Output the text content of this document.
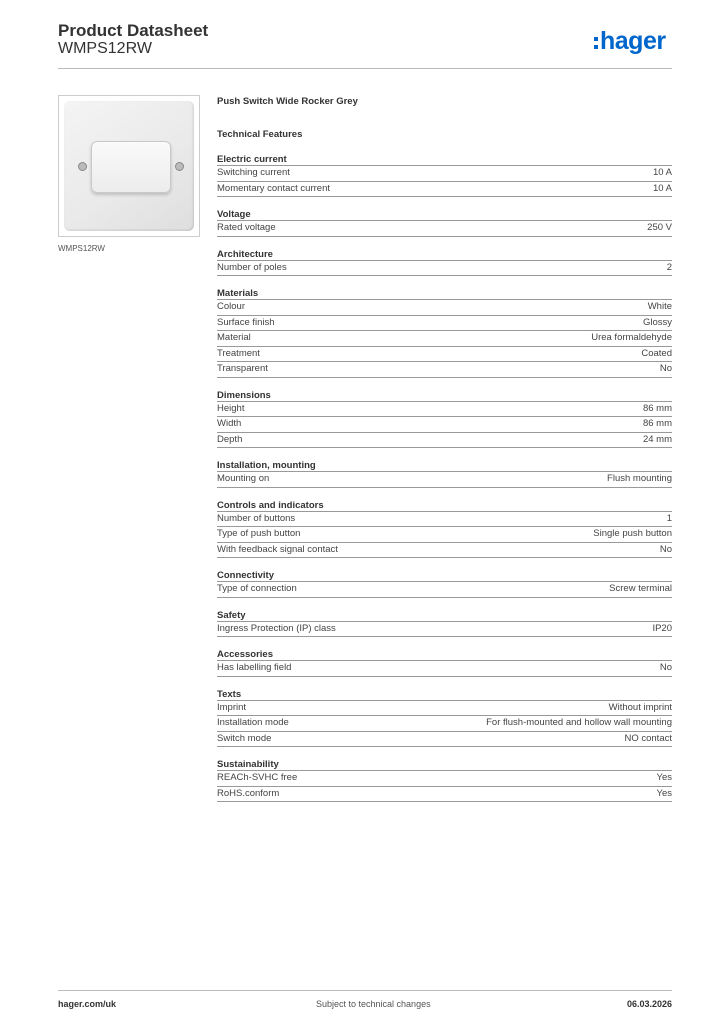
Product Datasheet
WMPS12RW	hager
WMPS12RW
Push Switch Wide Rocker Grey
Technical Features
Electric current
Switching current	10 A
Momentary contact current	10 A
Voltage
Rated voltage	250 V
Architecture
Number of poles	2
Materials
Colour	White
Surface finish	Glossy
Material	Urea formaldehyde
Treatment	Coated
Transparent	No
Dimensions
Height	86 mm
Width	86 mm
Depth	24 mm
Installation, mounting
Mounting on	Flush mounting
Controls and indicators
Number of buttons	1
Type of push button	Single push button
With feedback signal contact	No
Connectivity
Type of connection	Screw terminal
Safety
Ingress Protection (IP) class	IP20
Accessories
Has labelling field	No
Texts
Imprint	Without imprint
Installation mode	For flush-mounted and hollow wall mounting
Switch mode	NO contact
Sustainability
REACh-SVHC free	Yes
RoHS.conform	Yes
hager.com/uk	Subject to technical changes	06.03.2026
